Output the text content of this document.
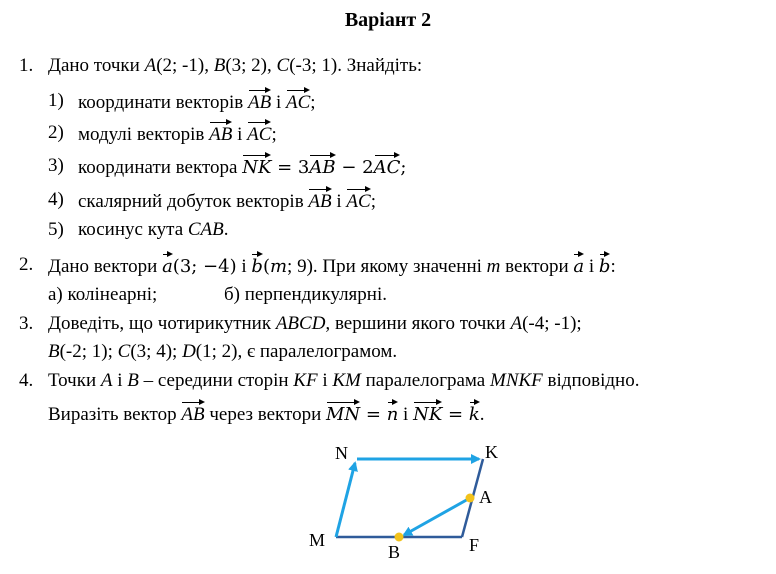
Варіант 2
1. Дано точки A(2; -1), B(3; 2), C(-3; 1). Знайдіть:
1) координати векторів AB і AC;
2) модулі векторів AB і AC;
3) координати вектора NK = 3AB − 2AC;
4) скалярний добуток векторів AB і AC;
5) косинус кута CAB.
2. Дано вектори a(3; −4) і b(m; 9). При якому значенні m вектори a і b:
а) колінеарні;	б) перпендикулярні.
3. Доведіть, що чотирикутник ABCD, вершини якого точки A(-4; -1);
B(-2; 1); C(3; 4); D(1; 2), є паралелограмом.
4. Точки A і B – середини сторін KF і KM паралелограма MNKF відповідно.
Виразіть вектор AB через вектори MN = n і NK = k.
N	K
A
M
B	F
